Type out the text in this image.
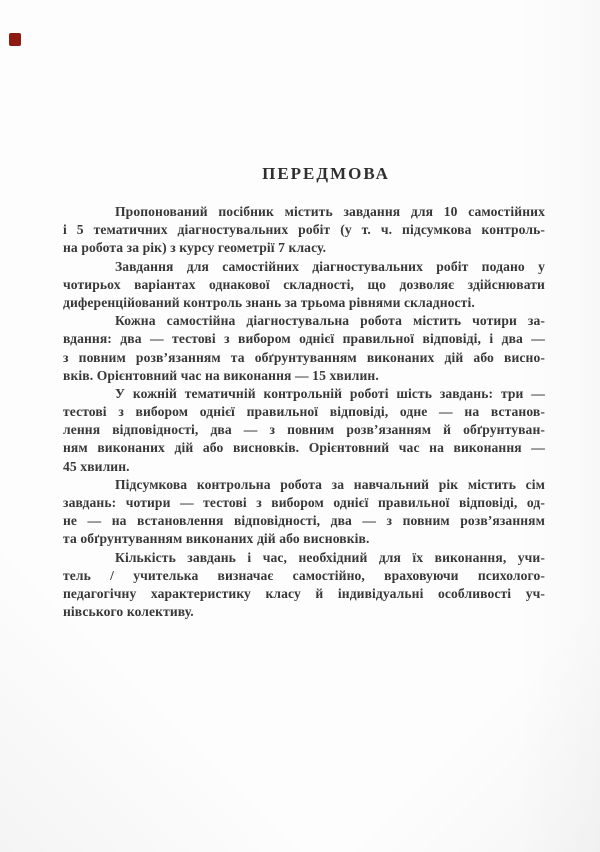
ПЕРЕДМОВА
Пропонований посібник містить завдання для 10 самостійних
і 5 тематичних діагностувальних робіт (у т. ч. підсумкова контроль-
на робота за рік) з курсу геометрії 7 класу.
Завдання для самостійних діагностувальних робіт подано у
чотирьох варіантах однакової складності, що дозволяє здійснювати
диференційований контроль знань за трьома рівнями складності.
Кожна самостійна діагностувальна робота містить чотири за-
вдання: два — тестові з вибором однієї правильної відповіді, і два —
з повним розв’язанням та обґрунтуванням виконаних дій або висно-
вків. Орієнтовний час на виконання — 15 хвилин.
У кожній тематичній контрольній роботі шість завдань: три —
тестові з вибором однієї правильної відповіді, одне — на встанов-
лення відповідності, два — з повним розв’язанням й обґрунтуван-
ням виконаних дій або висновків. Орієнтовний час на виконання —
45 хвилин.
Підсумкова контрольна робота за навчальний рік містить сім
завдань: чотири — тестові з вибором однієї правильної відповіді, од-
не — на встановлення відповідності, два — з повним розв’язанням
та обґрунтуванням виконаних дій або висновків.
Кількість завдань і час, необхідний для їх виконання, учи-
тель / учителька визначає самостійно, враховуючи психолого-
педагогічну характеристику класу й індивідуальні особливості уч-
нівського колективу.
